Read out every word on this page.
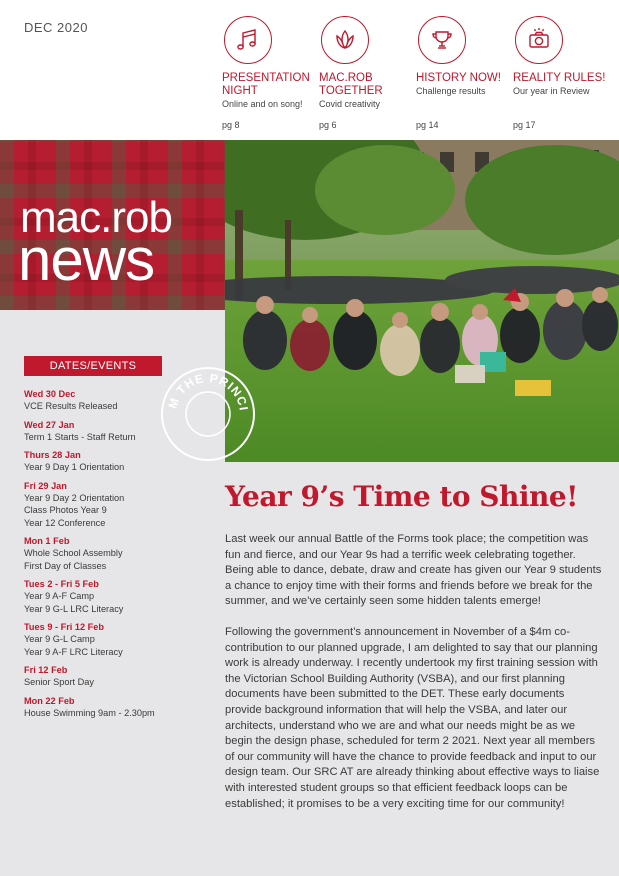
DEC 2020
PRESENTATION NIGHT
Online and on song!
pg 8
MAC.ROB TOGETHER
Covid creativity
pg 6
HISTORY NOW!
Challenge results
pg 14
REALITY RULES!
Our year in Review
pg 17
mac.rob
news
DATES/EVENTS
Wed 30 Dec
VCE Results Released
Wed 27 Jan
Term 1 Starts - Staff Return
Thurs 28 Jan
Year 9 Day 1 Orientation
Fri 29 Jan
Year 9 Day 2 Orientation
Class Photos Year 9
Year 12 Conference
Mon 1 Feb
Whole School Assembly
First Day of Classes
Tues 2 - Fri 5 Feb
Year 9 A-F Camp
Year 9 G-L LRC Literacy
Tues 9 - Fri 12 Feb
Year 9 G-L Camp
Year 9 A-F LRC Literacy
Fri 12 Feb
Senior Sport Day
Mon 22 Feb
House Swimming 9am - 2.30pm
M THE PRINCI
Year 9’s Time to Shine!

Last week our annual Battle of the Forms took place; the competition was fun and fierce, and our Year 9s had a terrific week celebrating together. Being able to dance, debate, draw and create has given our Year 9 students a chance to enjoy time with their forms and friends before we break for the summer, and we’ve certainly seen some hidden talents emerge!

Following the government’s announcement in November of a $4m co-contribution to our planned upgrade, I am delighted to say that our planning work is already underway. I recently undertook my first training session with the Victorian School Building Authority (VSBA), and our first planning documents have been submitted to the DET. These early documents provide background information that will help the VSBA, and later our architects, understand who we are and what our needs might be as we begin the design phase, scheduled for term 2 2021. Next year all members of our community will have the chance to provide feedback and input to our design team. Our SRC AT are already thinking about effective ways to liaise with interested student groups so that efficient feedback loops can be established; it promises to be a very exciting time for our community!
